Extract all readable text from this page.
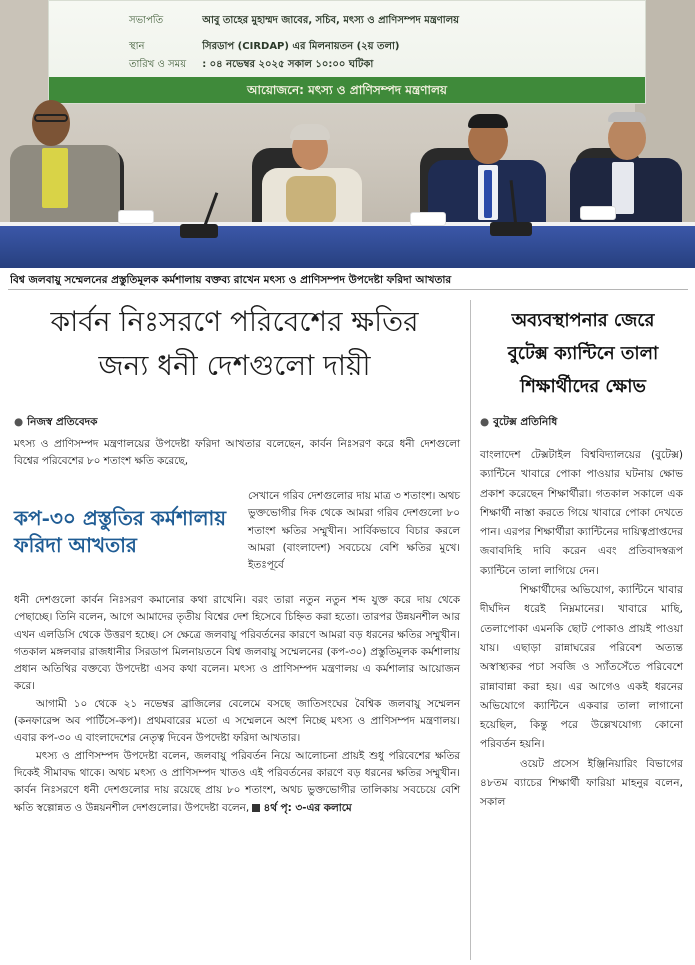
সভাপতি	আবু তাহের মুহাম্মদ জাবের, সচিব, মৎস্য ও প্রাণিসম্পদ মন্ত্রণালয়
স্থান	সিরডাপ (CIRDAP) এর মিলনায়তন (২য় তলা)
তারিখ ও সময় : ০৪ নভেম্বর ২০২৫ সকাল ১০:০০ ঘটিকা
আয়োজনে: মৎস্য ও প্রাণিসম্পদ মন্ত্রণালয়
বিশ্ব জলবায়ু সম্মেলনের প্রস্তুতিমূলক কর্মশালায় বক্তব্য রাখেন মৎস্য ও প্রাণিসম্পদ উপদেষ্টা ফরিদা আখতার
কার্বন নিঃসরণে পরিবেশের ক্ষতির
জন্য ধনী দেশগুলো দায়ী
● নিজস্ব প্রতিবেদক
মৎস্য ও প্রাণিসম্পদ মন্ত্রণালয়ের উপদেষ্টা ফরিদা আখতার বলেছেন, কার্বন নিঃসরণ করে ধনী দেশগুলো বিশ্বের পরিবেশের ৮০ শতাংশ ক্ষতি করেছে,
কপ-৩০ প্রস্তুতির কর্মশালায় ফরিদা আখতার
সেখানে গরিব দেশগুলোর দায় মাত্র ৩ শতাংশ। অথচ ভুক্তভোগীর দিক থেকে আমরা গরিব দেশগুলো ৮০ শতাংশ ক্ষতির সম্মুখীন। সার্বিকভাবে বিচার করলে আমরা (বাংলাদেশ) সবচেয়ে বেশি ক্ষতির মুখে। ইতঃপূর্বে

ধনী দেশগুলো কার্বন নিঃসরণ কমানোর কথা রাখেনি। বরং তারা নতুন নতুন শব্দ যুক্ত করে দায় থেকে পেছাচ্ছে। তিনি বলেন, আগে আমাদের তৃতীয় বিশ্বের দেশ হিসেবে চিহ্নিত করা হতো। তারপর উন্নয়নশীল আর এখন এলডিসি থেকে উত্তরণ হচ্ছে। সে ক্ষেত্রে জলবায়ু পরিবর্তনের কারণে আমরা বড় ধরনের ক্ষতির সম্মুখীন। গতকাল মঙ্গলবার রাজধানীর সিরডাপ মিলনায়তনে বিশ্ব জলবায়ু সম্মেলনের (কপ-৩০) প্রস্তুতিমূলক কর্মশালায় প্রধান অতিথির বক্তব্যে উপদেষ্টা এসব কথা বলেন। মৎস্য ও প্রাণিসম্পদ মন্ত্রণালয় এ কর্মশালার আয়োজন করে।

আগামী ১০ থেকে ২১ নভেম্বর ব্রাজিলের বেলেমে বসছে জাতিসংঘের বৈশ্বিক জলবায়ু সম্মেলন (কনফারেন্স অব পার্টিসে-কপ)। প্রথমবারের মতো এ সম্মেলনে অংশ নিচ্ছে মৎস্য ও প্রাণিসম্পদ মন্ত্রণালয়। এবার কপ-৩০ এ বাংলাদেশের নেতৃত্ব দিবেন উপদেষ্টা ফরিদা আখতার।

মৎস্য ও প্রাণিসম্পদ উপদেষ্টা বলেন, জলবায়ু পরিবর্তন নিয়ে আলোচনা প্রায়ই শুধু পরিবেশের ক্ষতির দিকেই সীমাবদ্ধ থাকে। অথচ মৎস্য ও প্রাণিসম্পদ খাতও এই পরিবর্তনের কারণে বড় ধরনের ক্ষতির সম্মুখীন। কার্বন নিঃসরণে ধনী দেশগুলোর দায় রয়েছে প্রায় ৮০ শতাংশ, অথচ ভুক্তভোগীর তালিকায় সবচেয়ে বেশি ক্ষতি স্বল্পোন্নত ও উন্নয়নশীল দেশগুলোর। উপদেষ্টা বলেন, ৪র্থ পৃ: ৩-এর কলামে

অব্যবস্থাপনার জেরে
বুটেক্স ক্যান্টিনে তালা
শিক্ষার্থীদের ক্ষোভ
● বুটেক্স প্রতিনিধি

বাংলাদেশ টেক্সটাইল বিশ্ববিদ্যালয়ের (বুটেক্স) ক্যান্টিনে খাবারে পোকা পাওয়ার ঘটনায় ক্ষোভ প্রকাশ করেছেন শিক্ষার্থীরা। গতকাল সকালে এক শিক্ষার্থী নাস্তা করতে গিয়ে খাবারে পোকা দেখতে পান। এরপর শিক্ষার্থীরা ক্যান্টিনের দায়িত্বপ্রাপ্তদের জবাবদিহি দাবি করেন এবং প্রতিবাদস্বরূপ ক্যান্টিনে তালা লাগিয়ে দেন।

শিক্ষার্থীদের অভিযোগ, ক্যান্টিনে খাবার দীর্ঘদিন ধরেই নিম্নমানের। খাবারে মাছি, তেলাপোকা এমনকি ছোট পোকাও প্রায়ই পাওয়া যায়। এছাড়া রান্নাঘরের পরিবেশ অত্যন্ত অস্বাস্থ্যকর পচা সবজি ও স্যাঁতসেঁতে পরিবেশে রান্নাবান্না করা হয়। এর আগেও একই ধরনের অভিযোগে ক্যান্টিনে একবার তালা লাগানো হয়েছিল, কিন্তু পরে উল্লেখযোগ্য কোনো পরিবর্তন হয়নি।

ওয়েট প্রসেস ইঞ্জিনিয়ারিং বিভাগের ৪৮তম ব্যাচের শিক্ষার্থী ফারিয়া মাহনুর বলেন, সকাল
